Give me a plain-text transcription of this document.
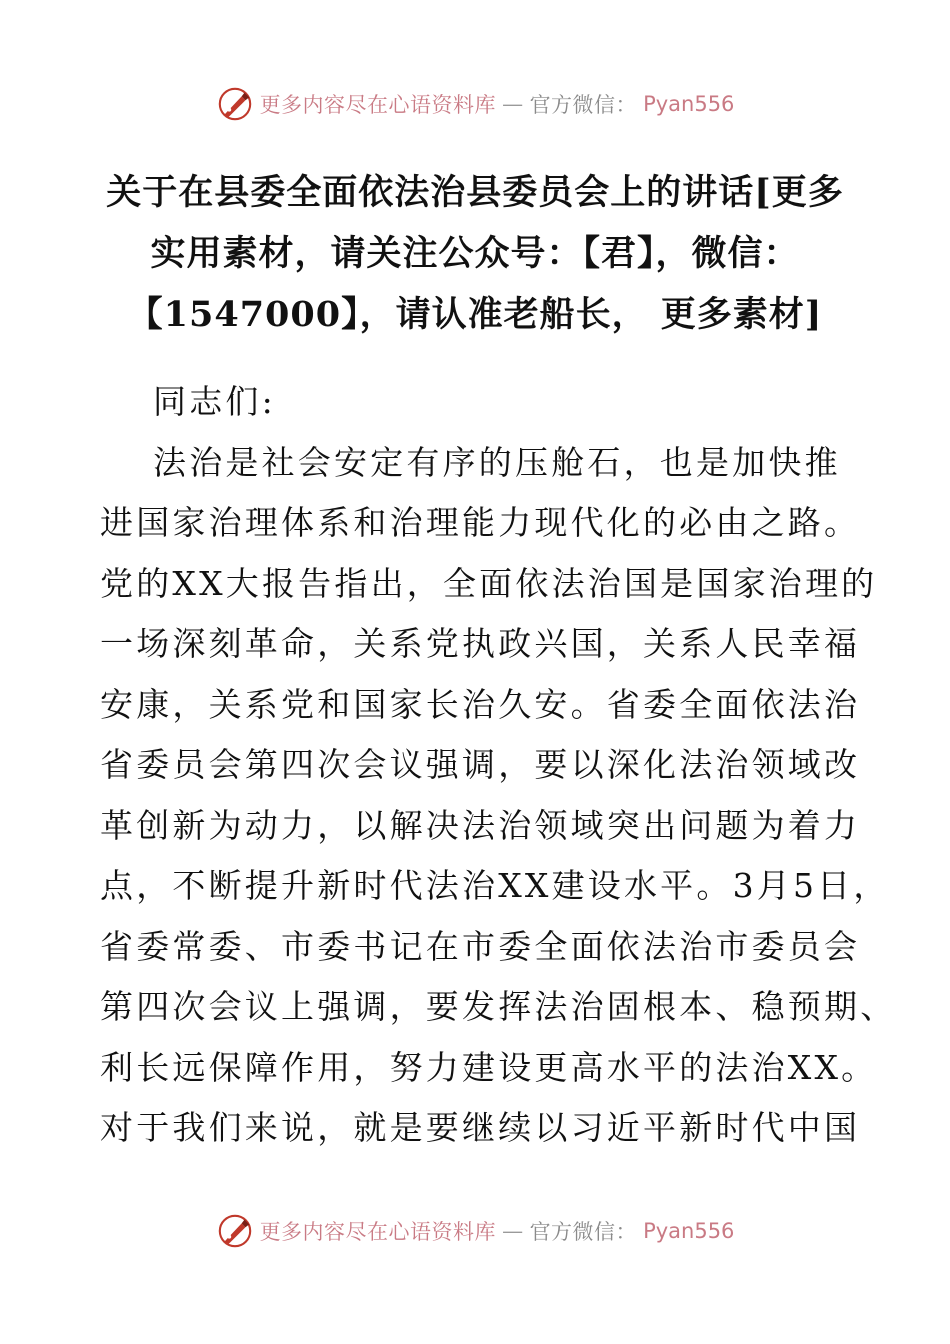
更多内容尽在心语资料库 — 官方微信： Pyan556
关于在县委全面依法治县委员会上的讲话[更多
实用素材，请关注公众号：【君】，微信：
【1547000】，请认准老船长， 更多素材]
同志们:
法治是社会安定有序的压舱石，也是加快推
进国家治理体系和治理能力现代化的必由之路。
党的XX大报告指出，全面依法治国是国家治理的
一场深刻革命，关系党执政兴国，关系人民幸福
安康，关系党和国家长治久安。省委全面依法治
省委员会第四次会议强调，要以深化法治领域改
革创新为动力，以解决法治领域突出问题为着力
点，不断提升新时代法治XX建设水平。3月5日，
省委常委、市委书记在市委全面依法治市委员会
第四次会议上强调，要发挥法治固根本、稳预期、
利长远保障作用，努力建设更高水平的法治XX。
对于我们来说，就是要继续以习近平新时代中国
更多内容尽在心语资料库 — 官方微信： Pyan556
